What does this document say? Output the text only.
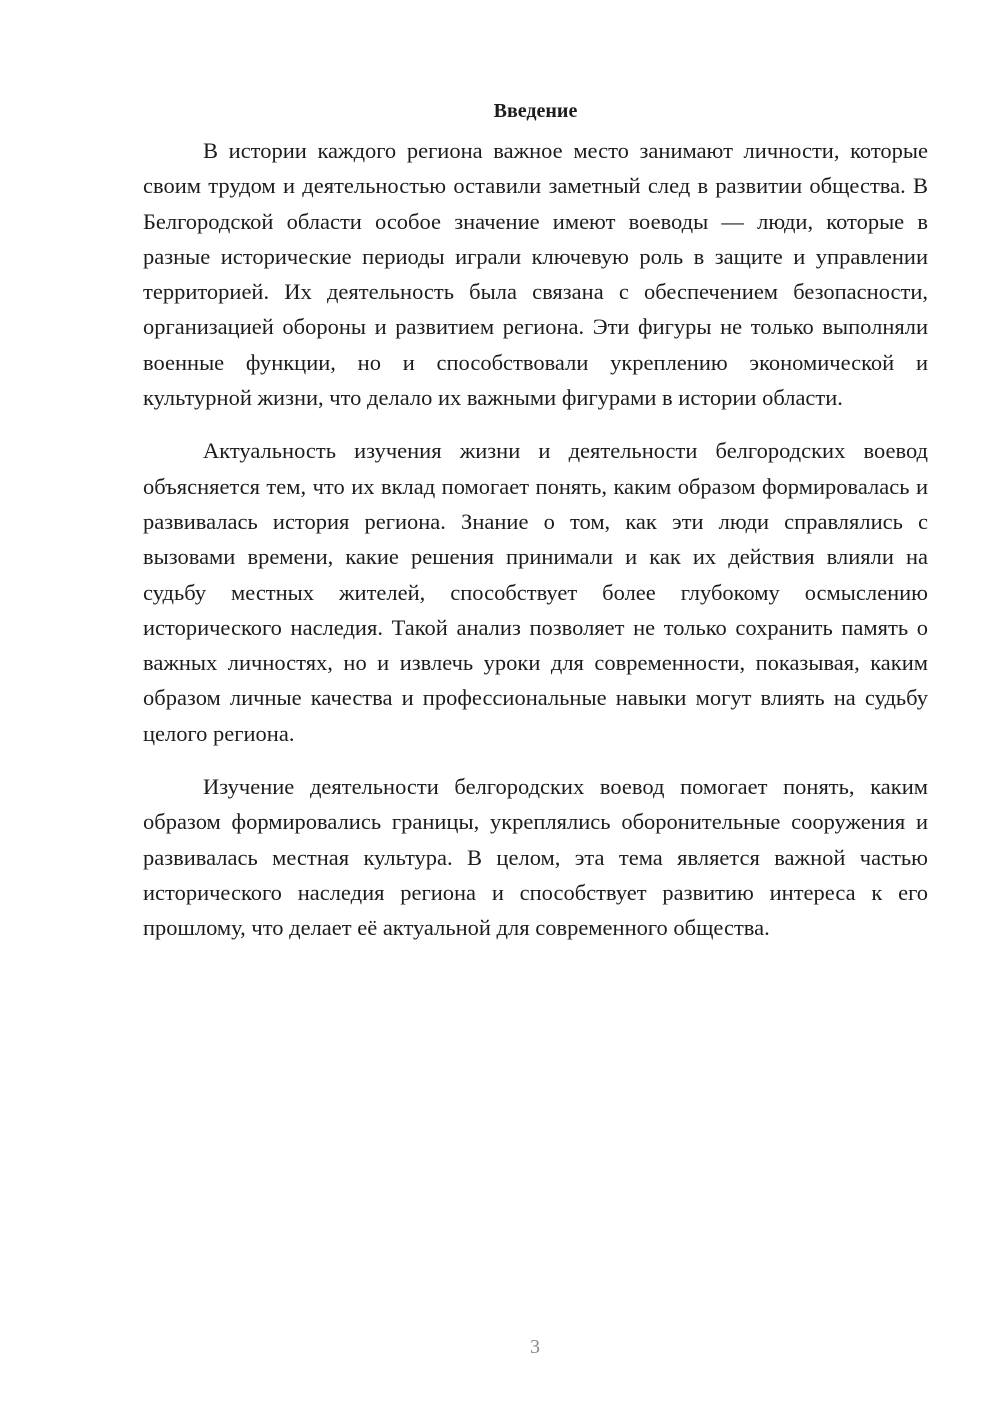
Введение

В истории каждого региона важное место занимают личности, которые своим трудом и деятельностью оставили заметный след в развитии общества. В Белгородской области особое значение имеют воеводы — люди, которые в разные исторические периоды играли ключевую роль в защите и управлении территорией. Их деятельность была связана с обеспечением безопасности, организацией обороны и развитием региона. Эти фигуры не только выполняли военные функции, но и способствовали укреплению экономической и культурной жизни, что делало их важными фигурами в истории области.

Актуальность изучения жизни и деятельности белгородских воевод объясняется тем, что их вклад помогает понять, каким образом формировалась и развивалась история региона. Знание о том, как эти люди справлялись с вызовами времени, какие решения принимали и как их действия влияли на судьбу местных жителей, способствует более глубокому осмыслению исторического наследия. Такой анализ позволяет не только сохранить память о важных личностях, но и извлечь уроки для современности, показывая, каким образом личные качества и профессиональные навыки могут влиять на судьбу целого региона.

Изучение деятельности белгородских воевод помогает понять, каким образом формировались границы, укреплялись оборонительные сооружения и развивалась местная культура. В целом, эта тема является важной частью исторического наследия региона и способствует развитию интереса к его прошлому, что делает её актуальной для современного общества.

3
